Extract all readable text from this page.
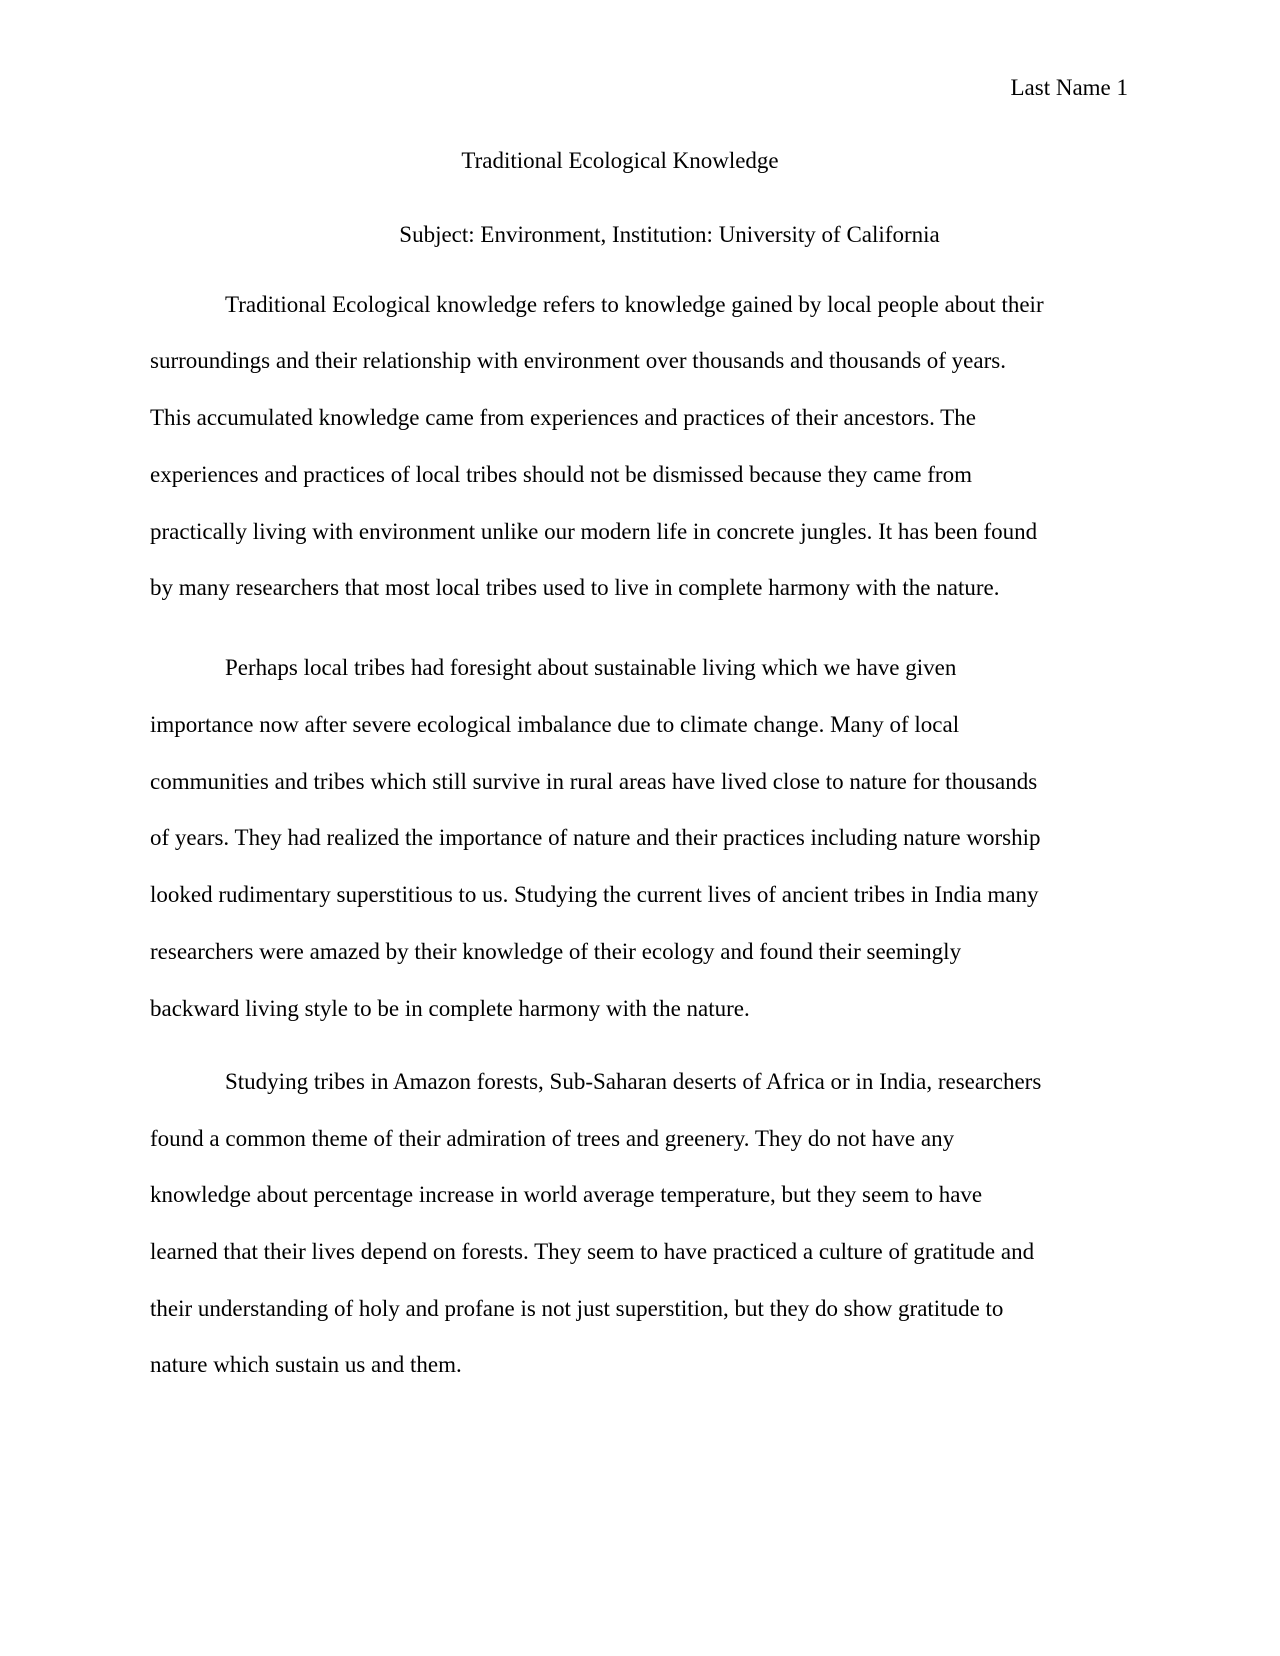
Last Name 1
Traditional Ecological Knowledge
Subject: Environment, Institution: University of California
Traditional Ecological knowledge refers to knowledge gained by local people about their
surroundings and their relationship with environment over thousands and thousands of years.
This accumulated knowledge came from experiences and practices of their ancestors. The
experiences and practices of local tribes should not be dismissed because they came from
practically living with environment unlike our modern life in concrete jungles. It has been found
by many researchers that most local tribes used to live in complete harmony with the nature.
Perhaps local tribes had foresight about sustainable living which we have given
importance now after severe ecological imbalance due to climate change. Many of local
communities and tribes which still survive in rural areas have lived close to nature for thousands
of years. They had realized the importance of nature and their practices including nature worship
looked rudimentary superstitious to us. Studying the current lives of ancient tribes in India many
researchers were amazed by their knowledge of their ecology and found their seemingly
backward living style to be in complete harmony with the nature.
Studying tribes in Amazon forests, Sub-Saharan deserts of Africa or in India, researchers
found a common theme of their admiration of trees and greenery. They do not have any
knowledge about percentage increase in world average temperature, but they seem to have
learned that their lives depend on forests. They seem to have practiced a culture of gratitude and
their understanding of holy and profane is not just superstition, but they do show gratitude to
nature which sustain us and them.
